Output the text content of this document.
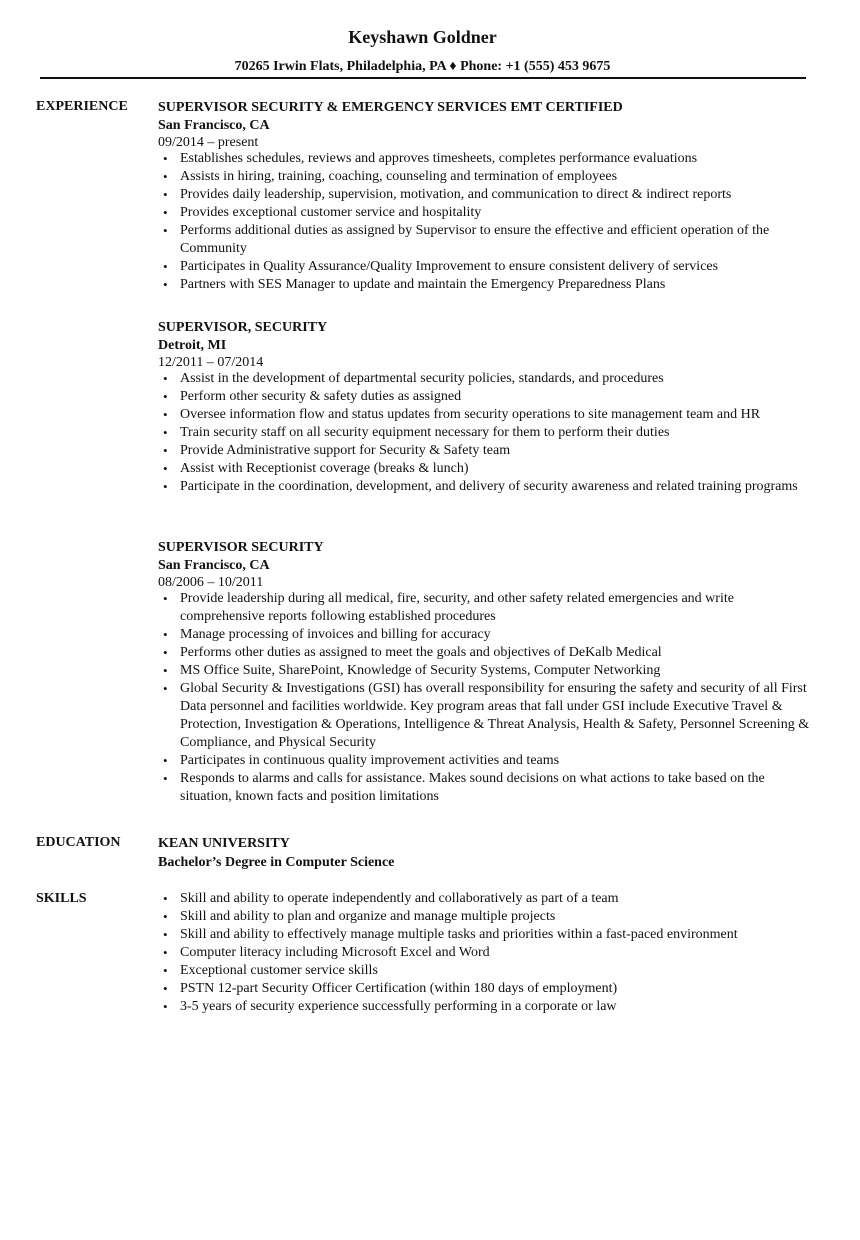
Keyshawn Goldner
70265 Irwin Flats, Philadelphia, PA ♦ Phone: +1 (555) 453 9675
EXPERIENCE SUPERVISOR SECURITY & EMERGENCY SERVICES EMT CERTIFIED
San Francisco, CA
09/2014 – present
• Establishes schedules, reviews and approves timesheets, completes performance evaluations
• Assists in hiring, training, coaching, counseling and termination of employees
• Provides daily leadership, supervision, motivation, and communication to direct & indirect reports
• Provides exceptional customer service and hospitality
• Performs additional duties as assigned by Supervisor to ensure the effective and efficient operation of the Community
• Participates in Quality Assurance/Quality Improvement to ensure consistent delivery of services
• Partners with SES Manager to update and maintain the Emergency Preparedness Plans
SUPERVISOR, SECURITY
Detroit, MI
12/2011 – 07/2014
• Assist in the development of departmental security policies, standards, and procedures
• Perform other security & safety duties as assigned
• Oversee information flow and status updates from security operations to site management team and HR
• Train security staff on all security equipment necessary for them to perform their duties
• Provide Administrative support for Security & Safety team
• Assist with Receptionist coverage (breaks & lunch)
• Participate in the coordination, development, and delivery of security awareness and related training programs
SUPERVISOR SECURITY
San Francisco, CA
08/2006 – 10/2011
• Provide leadership during all medical, fire, security, and other safety related emergencies and write comprehensive reports following established procedures
• Manage processing of invoices and billing for accuracy
• Performs other duties as assigned to meet the goals and objectives of DeKalb Medical
• MS Office Suite, SharePoint, Knowledge of Security Systems, Computer Networking
• Global Security & Investigations (GSI) has overall responsibility for ensuring the safety and security of all First Data personnel and facilities worldwide. Key program areas that fall under GSI include Executive Travel & Protection, Investigation & Operations, Intelligence & Threat Analysis, Health & Safety, Personnel Screening & Compliance, and Physical Security
• Participates in continuous quality improvement activities and teams
• Responds to alarms and calls for assistance. Makes sound decisions on what actions to take based on the situation, known facts and position limitations
EDUCATION	KEAN UNIVERSITY
Bachelor’s Degree in Computer Science
SKILLS
•	Skill and ability to operate independently and collaboratively as part of a team
• Skill and ability to plan and organize and manage multiple projects
• Skill and ability to effectively manage multiple tasks and priorities within a fast-paced environment
• Computer literacy including Microsoft Excel and Word
• Exceptional customer service skills
• PSTN 12-part Security Officer Certification (within 180 days of employment)
• 3-5 years of security experience successfully performing in a corporate or law
